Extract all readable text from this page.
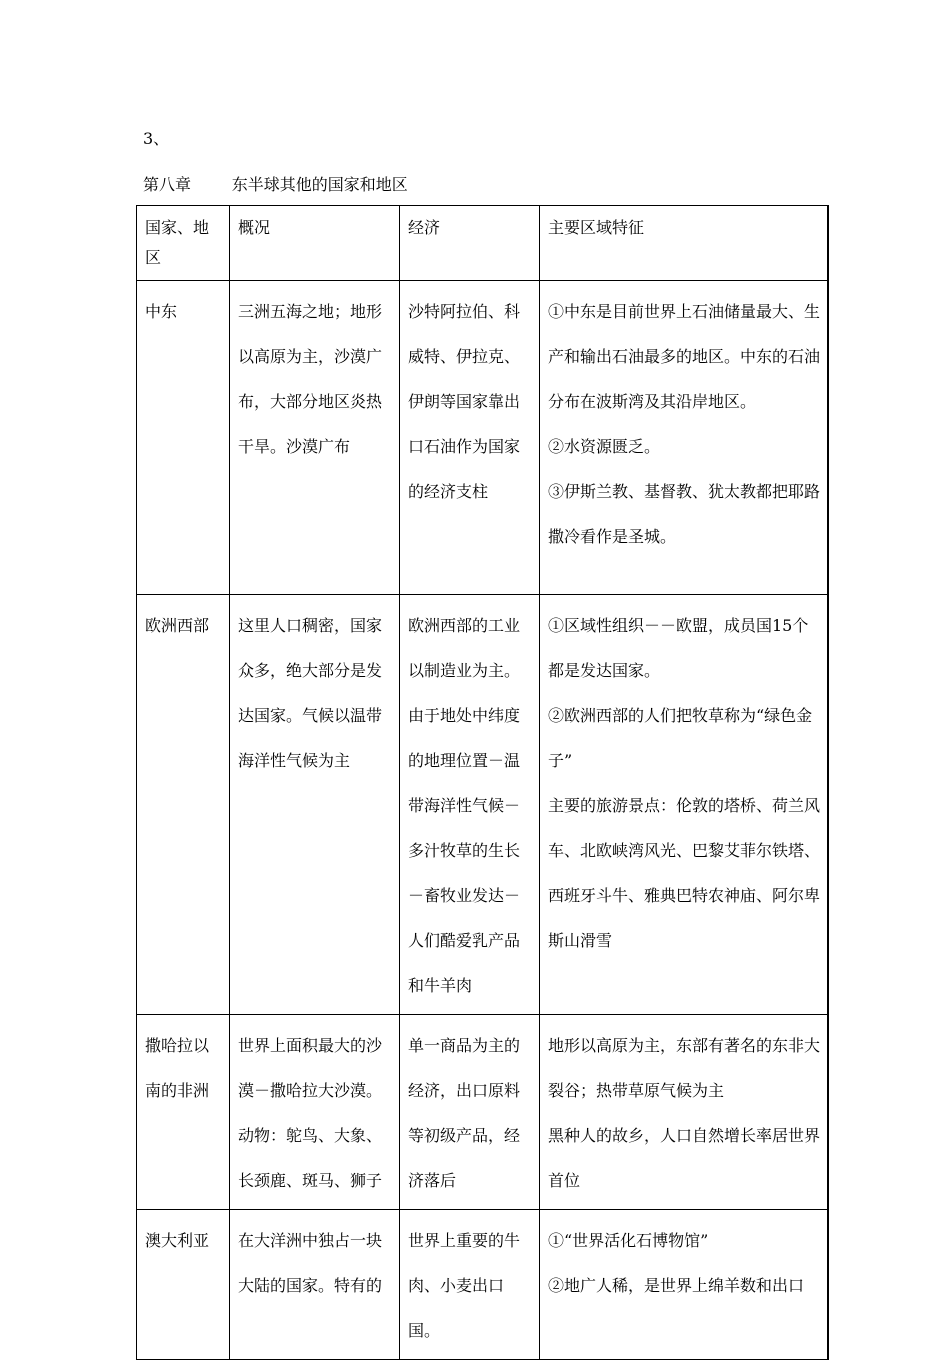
3、
第八章	东半球其他的国家和地区
国家、地区	概况	经济	主要区域特征
中东	三洲五海之地；地形以高原为主，沙漠广布，大部分地区炎热干旱。沙漠广布	沙特阿拉伯、科威特、伊拉克、伊朗等国家靠出口石油作为国家的经济支柱	①中东是目前世界上石油储量最大、生产和输出石油最多的地区。中东的石油分布在波斯湾及其沿岸地区。

②水资源匮乏。

③伊斯兰教、基督教、犹太教都把耶路撒冷看作是圣城。

欧洲西部	这里人口稠密，国家众多，绝大部分是发达国家。气候以温带海洋性气候为主	欧洲西部的工业以制造业为主。由于地处中纬度的地理位置－温带海洋性气候－多汁牧草的生长－畜牧业发达－人们酷爱乳产品和牛羊肉	①区域性组织－－欧盟，成员国15个都是发达国家。

②欧洲西部的人们把牧草称为“绿色金子”

主要的旅游景点：伦敦的塔桥、荷兰风车、北欧峡湾风光、巴黎艾菲尔铁塔、西班牙斗牛、雅典巴特农神庙、阿尔卑斯山滑雪

撒哈拉以南的非洲	世界上面积最大的沙漠－撒哈拉大沙漠。动物：鸵鸟、大象、长颈鹿、斑马、狮子	单一商品为主的经济，出口原料等初级产品，经济落后	地形以高原为主，东部有著名的东非大裂谷；热带草原气候为主

黑种人的故乡，人口自然增长率居世界首位

澳大利亚	在大洋洲中独占一块大陆的国家。特有的	世界上重要的牛肉、小麦出口国。	①“世界活化石博物馆”

②地广人稀，是世界上绵羊数和出口
